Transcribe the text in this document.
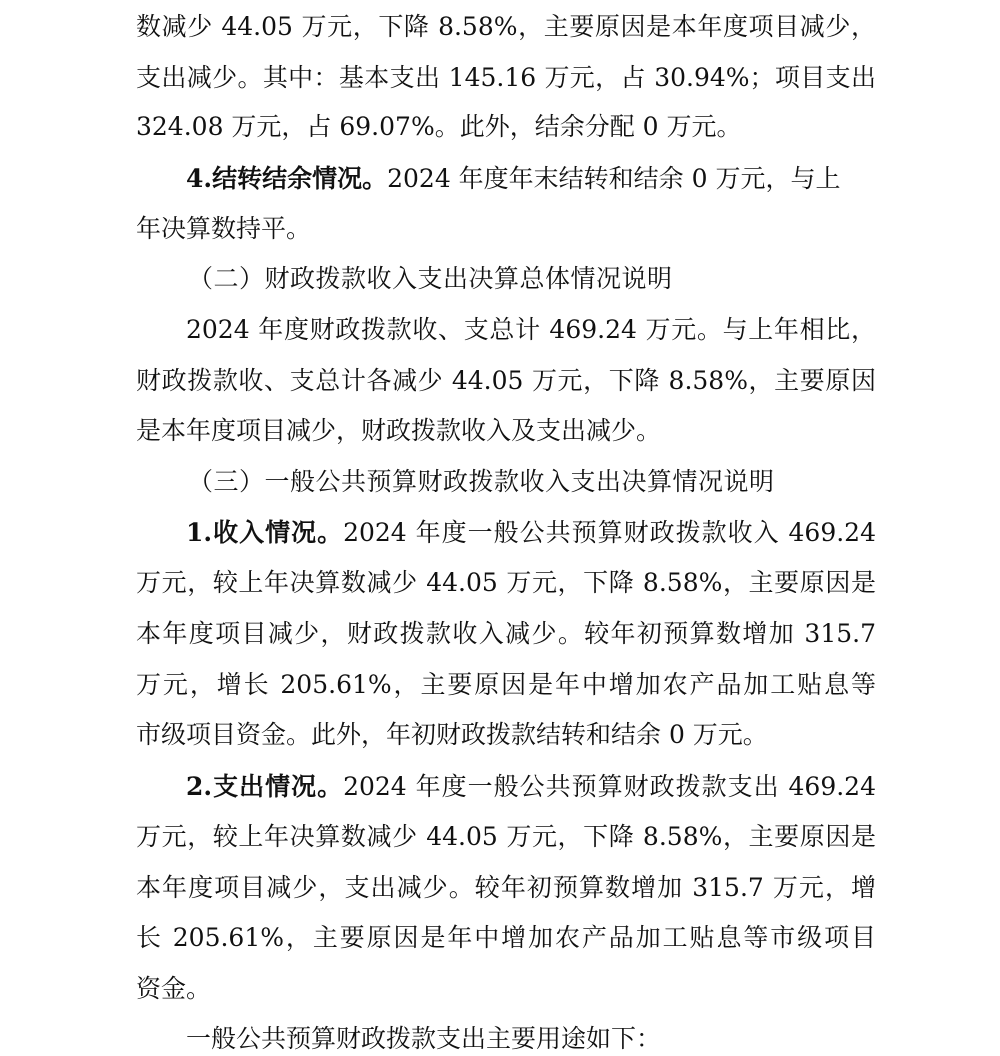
数减少 44.05 万元，下降 8.58%，主要原因是本年度项目减少，
支出减少。其中：基本支出 145.16 万元，占 30.94%；项目支出
324.08 万元，占 69.07%。此外，结余分配 0 万元。
4.结转结余情况。2024 年度年末结转和结余 0 万元，与上
年决算数持平。
（二）财政拨款收入支出决算总体情况说明
2024 年度财政拨款收、支总计 469.24 万元。与上年相比，
财政拨款收、支总计各减少 44.05 万元，下降 8.58%，主要原因
是本年度项目减少，财政拨款收入及支出减少。
（三）一般公共预算财政拨款收入支出决算情况说明
1.收入情况。2024 年度一般公共预算财政拨款收入 469.24
万元，较上年决算数减少 44.05 万元，下降 8.58%，主要原因是
本年度项目减少，财政拨款收入减少。较年初预算数增加 315.7
万元，增长 205.61%，主要原因是年中增加农产品加工贴息等
市级项目资金。此外，年初财政拨款结转和结余 0 万元。
2.支出情况。2024 年度一般公共预算财政拨款支出 469.24
万元，较上年决算数减少 44.05 万元，下降 8.58%，主要原因是
本年度项目减少，支出减少。较年初预算数增加 315.7 万元，增
长 205.61%，主要原因是年中增加农产品加工贴息等市级项目
资金。
一般公共预算财政拨款支出主要用途如下：
